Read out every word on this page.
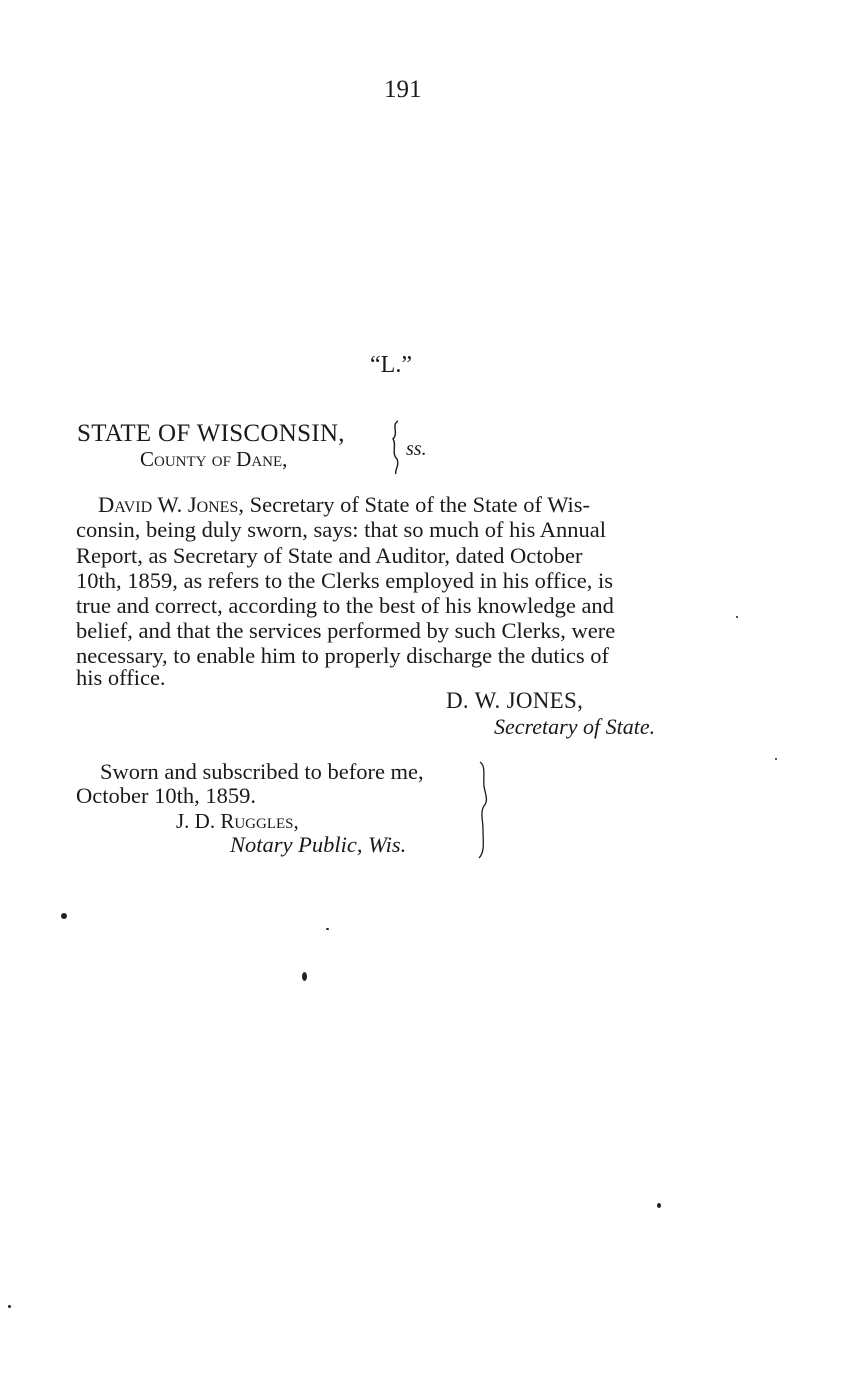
191
“L.”
STATE OF WISCONSIN,
County of Dane,	ss.
David W. Jones, Secretary of State of the State of Wis-
consin, being duly sworn, says: that so much of his Annual
Report, as Secretary of State and Auditor, dated October
10th, 1859, as refers to the Clerks employed in his office, is
true and correct, according to the best of his knowledge and
belief, and that the services performed by such Clerks, were
necessary, to enable him to properly discharge the dutics of
his office.
D. W. JONES,
Secretary of State.
Sworn and subscribed to before me,
October 10th, 1859.
J. D. Ruggles,
Notary Public, Wis.
